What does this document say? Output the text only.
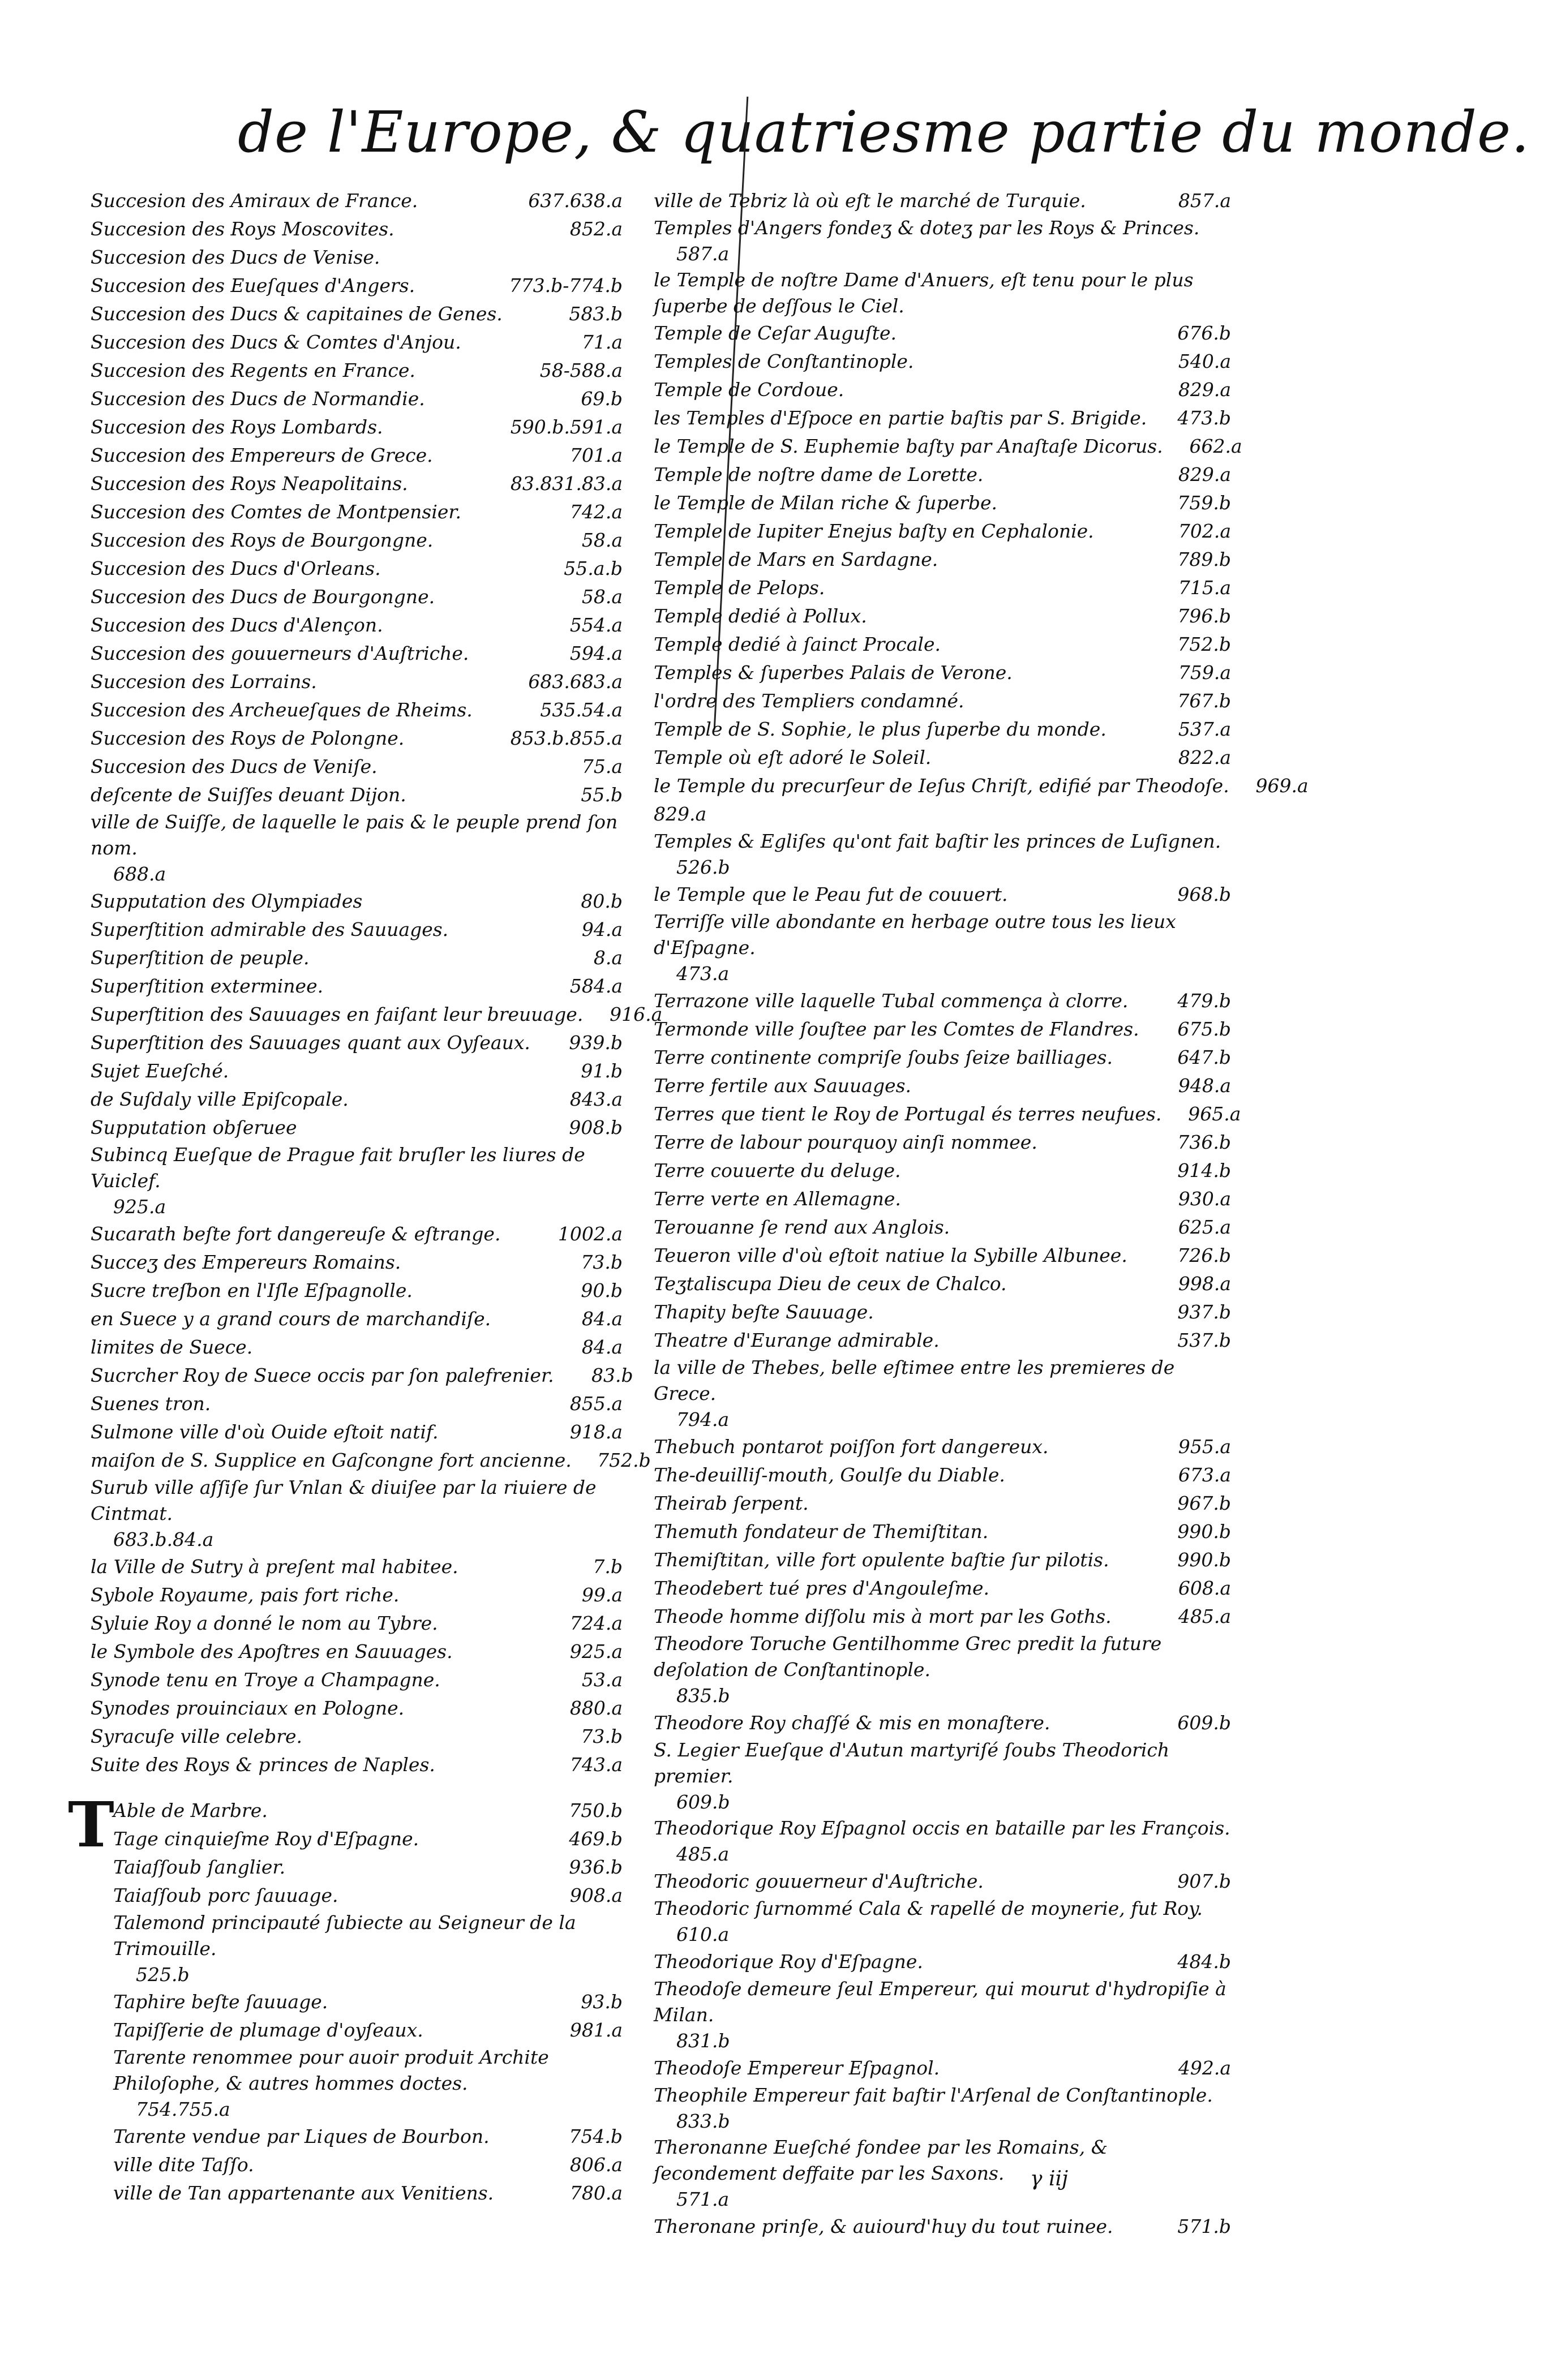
de l'Europe, & quatriesme partie du monde.
Succesion des Amiraux de France.	637.638.a
Succesion des Roys Moscovites.	852.a
Succesion des Ducs de Venise.
Succesion des Eueſques d'Angers.	773.b-774.b
Succesion des Ducs & capitaines de Genes.	583.b
Succesion des Ducs & Comtes d'Anjou.	71.a
Succesion des Regents en France.	58-588.a
Succesion des Ducs de Normandie.	69.b
Succesion des Roys Lombards.	590.b.591.a
Succesion des Empereurs de Grece.	701.a
Succesion des Roys Neapolitains.	83.831.83.a
Succesion des Comtes de Montpensier.	742.a
Succesion des Roys de Bourgongne.	58.a
Succesion des Ducs d'Orleans.	55.a.b
Succesion des Ducs de Bourgongne.	58.a
Succesion des Ducs d'Alençon.	554.a
Succesion des gouuerneurs d'Auſtriche.	594.a
Succesion des Lorrains.	683.683.a
Succesion des Archeueſques de Rheims.	535.54.a
Succesion des Roys de Polongne.	853.b.855.a
Succesion des Ducs de Veniſe.	75.a
deſcente de Suiſſes deuant Dijon.	55.b
ville de Suiſſe, de laquelle le pais & le peuple prend ſon nom.
688.a
Supputation des Olympiades	80.b
Superſtition admirable des Sauuages.	94.a
Superſtition de peuple.	8.a
Superſtition exterminee.	584.a
Superſtition des Sauuages en faiſant leur breuuage.	916.a
Superſtition des Sauuages quant aux Oyſeaux.	939.b
Sujet Eueſché.	91.b
de Suſdaly ville Epiſcopale.	843.a
Supputation obſeruee	908.b
Subincq Eueſque de Prague fait bruſler les liures de Vuiclef.
925.a
Sucarath beſte fort dangereuſe & eſtrange.	1002.a
Succeʒ des Empereurs Romains.	73.b
Sucre treſbon en l'Iſle Eſpagnolle.	90.b
en Suece y a grand cours de marchandiſe.	84.a
limites de Suece.	84.a
Sucrcher Roy de Suece occis par ſon palefrenier.	83.b
Suenes tron.	855.a
Sulmone ville d'où Ouide eſtoit natif.	918.a
maiſon de S. Supplice en Gaſcongne fort ancienne.	752.b
Surub ville aſſiſe ſur Vnlan & diuiſee par la riuiere de Cintmat.
683.b.84.a
la Ville de Sutry à preſent mal habitee.	7.b
Sybole Royaume, pais fort riche.	99.a
Syluie Roy a donné le nom au Tybre.	724.a
le Symbole des Apoſtres en Sauuages.	925.a
Synode tenu en Troye a Champagne.	53.a
Synodes prouinciaux en Pologne.	880.a
Syracuſe ville celebre.	73.b
Suite des Roys & princes de Naples.	743.a
T
Able de Marbre.	750.b
Tage cinquieſme Roy d'Eſpagne.	469.b
Taiaſſoub ſanglier.	936.b
Taiaſſoub porc ſauuage.	908.a
Talemond principauté ſubiecte au Seigneur de la Trimouille.
525.b
Taphire beſte ſauuage.	93.b
Tapiſſerie de plumage d'oyſeaux.	981.a
Tarente renommee pour auoir produit Archite Philoſophe, & autres hommes doctes.
754.755.a
Tarente vendue par Liques de Bourbon.	754.b
ville dite Taſſo.	806.a
ville de Tan appartenante aux Venitiens.	780.a
ville de Tebriz là où eſt le marché de Turquie.	857.a
Temples d'Angers fondeʒ & doteʒ par les Roys & Princes.
587.a
le Temple de noſtre Dame d'Anuers, eſt tenu pour le plus ſuperbe de deſſous le Ciel.
Temple de Ceſar Auguſte.	676.b
Temples de Conſtantinople.	540.a
Temple de Cordoue.	829.a
les Temples d'Eſpoce en partie baſtis par S. Brigide.	473.b
le Temple de S. Euphemie baſty par Anaſtaſe Dicorus.	662.a
Temple de noſtre dame de Lorette.	829.a
le Temple de Milan riche & ſuperbe.	759.b
Temple de Iupiter Enejus baſty en Cephalonie.	702.a
Temple de Mars en Sardagne.	789.b
Temple de Pelops.	715.a
Temple dedié à Pollux.	796.b
Temple dedié à ſainct Procale.	752.b
Temples & ſuperbes Palais de Verone.	759.a
l'ordre des Templiers condamné.	767.b
Temple de S. Sophie, le plus ſuperbe du monde.	537.a
Temple où eſt adoré le Soleil.	822.a
le Temple du precurſeur de Ieſus Chriſt, edifié par Theodoſe.	969.a
829.a
Temples & Egliſes qu'ont fait baſtir les princes de Luſignen.
526.b
le Temple que le Peau fut de couuert.	968.b
Terriſſe ville abondante en herbage outre tous les lieux d'Eſpagne.
473.a
Terrazone ville laquelle Tubal commença à clorre.	479.b
Termonde ville ſouſtee par les Comtes de Flandres.	675.b
Terre continente compriſe ſoubs ſeize bailliages.	647.b
Terre fertile aux Sauuages.	948.a
Terres que tient le Roy de Portugal és terres neufues.	965.a
Terre de labour pourquoy ainſi nommee.	736.b
Terre couuerte du deluge.	914.b
Terre verte en Allemagne.	930.a
Terouanne ſe rend aux Anglois.	625.a
Teueron ville d'où eſtoit natiue la Sybille Albunee.	726.b
Teʒtaliscupa Dieu de ceux de Chalco.	998.a
Thapity beſte Sauuage.	937.b
Theatre d'Eurange admirable.	537.b
la ville de Thebes, belle eſtimee entre les premieres de Grece.
794.a
Thebuch pontarot poiſſon fort dangereux.	955.a
The-deuilliſ-mouth, Goulſe du Diable.	673.a
Theirab ſerpent.	967.b
Themuth fondateur de Themiſtitan.	990.b
Themiſtitan, ville fort opulente baſtie ſur pilotis.	990.b
Theodebert tué pres d'Angouleſme.	608.a
Theode homme diſſolu mis à mort par les Goths.	485.a
Theodore Toruche Gentilhomme Grec predit la future deſolation de Conſtantinople.
835.b
Theodore Roy chaſſé & mis en monaſtere.	609.b
S. Legier Eueſque d'Autun martyriſé ſoubs Theodorich premier.
609.b
Theodorique Roy Eſpagnol occis en bataille par les François.
485.a
Theodoric gouuerneur d'Auſtriche.	907.b
Theodoric ſurnommé Cala & rapellé de moynerie, fut Roy.
610.a
Theodorique Roy d'Eſpagne.	484.b
Theodoſe demeure ſeul Empereur, qui mourut d'hydropiſie à Milan.
831.b
Theodoſe Empereur Eſpagnol.	492.a
Theophile Empereur fait baſtir l'Arſenal de Conſtantinople.
833.b
Theronanne Eueſché fondee par les Romains, & ſecondement deffaite par les Saxons.
571.a
Theronane prinſe, & auiourd'huy du tout ruinee.	571.b
γ iij
